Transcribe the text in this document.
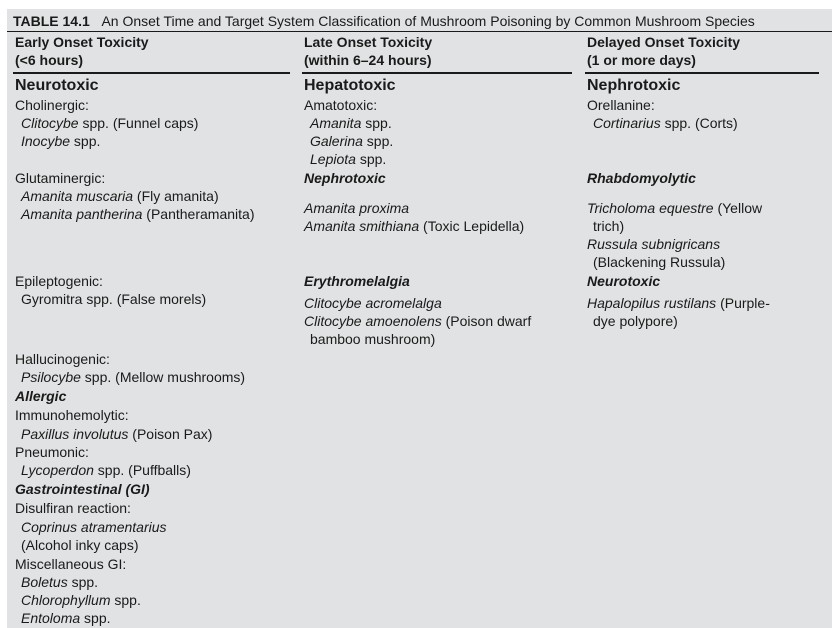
TABLE 14.1 An Onset Time and Target System Classification of Mushroom Poisoning by Common Mushroom Species
Early Onset Toxicity
(<6 hours)
Late Onset Toxicity
(within 6–24 hours)
Delayed Onset Toxicity
(1 or more days)
Neurotoxic
Cholinergic:
Clitocybe spp. (Funnel caps)
Inocybe spp.
Glutaminergic:
Amanita muscaria (Fly amanita)
Amanita pantherina (Pantheramanita)
Epileptogenic:
Gyromitra spp. (False morels)
Hallucinogenic:
Psilocybe spp. (Mellow mushrooms)
Allergic
Immunohemolytic:
Paxillus involutus (Poison Pax)
Pneumonic:
Lycoperdon spp. (Puffballs)
Gastrointestinal (GI)
Disulfiran reaction:
Coprinus atramentarius
(Alcohol inky caps)
Miscellaneous GI:
Boletus spp.
Chlorophyllum spp.
Entoloma spp.
Hepatotoxic
Amatotoxic:
Amanita spp.
Galerina spp.
Lepiota spp.
Nephrotoxic
Amanita proxima
Amanita smithiana (Toxic Lepidella)
Erythromelalgia
Clitocybe acromelalga
Clitocybe amoenolens (Poison dwarf
bamboo mushroom)
Nephrotoxic
Orellanine:
Cortinarius spp. (Corts)
Rhabdomyolytic
Tricholoma equestre (Yellow
trich)
Russula subnigricans
(Blackening Russula)
Neurotoxic
Hapalopilus rustilans (Purple-
dye polypore)
